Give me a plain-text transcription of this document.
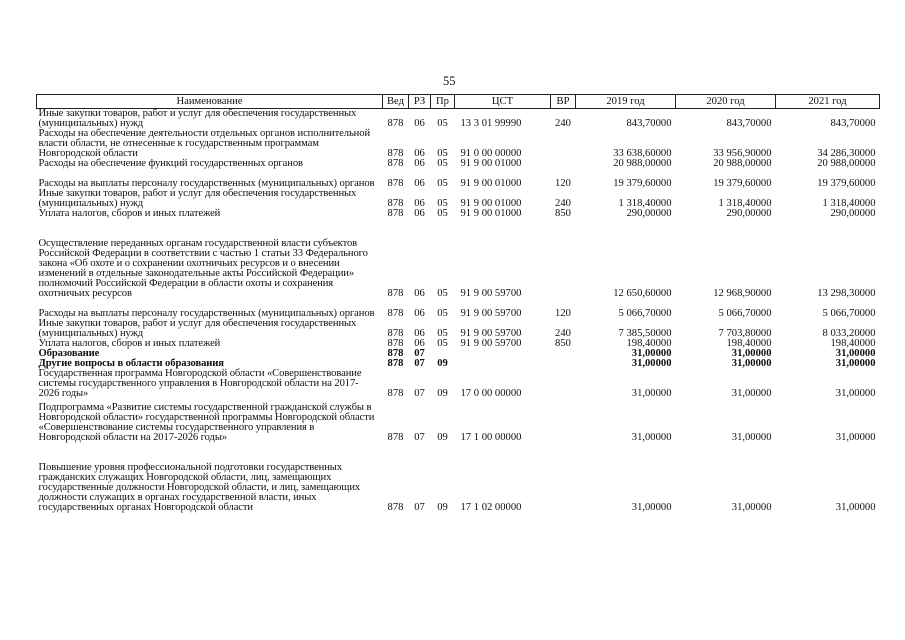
55
Наименование	Вед	РЗ	Пр	ЦСТ	ВР	2019 год	2020 год	2021 год
Иные закупки товаров, работ и услуг для обеспечения государственных (муниципальных) нужд	878	06	05	13 3 01 99990	240	843,70000	843,70000	843,70000
Расходы на обеспечение деятельности отдельных органов исполнительной власти области, не отнесенные к государственным программам Новгородской области	878	06	05	91 0 00 00000		33 638,60000	33 956,90000	34 286,30000
Расходы на обеспечение функций государственных органов	878	06	05	91 9 00 01000		20 988,00000	20 988,00000	20 988,00000
Расходы на выплаты персоналу государственных (муниципальных) органов	878	06	05	91 9 00 01000	120	19 379,60000	19 379,60000	19 379,60000
Иные закупки товаров, работ и услуг для обеспечения государственных (муниципальных) нужд	878	06	05	91 9 00 01000	240	1 318,40000	1 318,40000	1 318,40000
Уплата налогов, сборов и иных платежей	878	06	05	91 9 00 01000	850	290,00000	290,00000	290,00000
Осуществление переданных органам государственной власти субъектов Российской Федерации в соответствии с частью 1 статьи 33 Федерального закона «Об охоте и о сохранении охотничьих ресурсов и о внесении изменений в отдельные законодательные акты Российской Федерации» полномочий Российской Федерации в области охоты и сохранения охотничьих ресурсов	878	06	05	91 9 00 59700		12 650,60000	12 968,90000	13 298,30000
Расходы на выплаты персоналу государственных (муниципальных) органов	878	06	05	91 9 00 59700	120	5 066,70000	5 066,70000	5 066,70000
Иные закупки товаров, работ и услуг для обеспечения государственных (муниципальных) нужд	878	06	05	91 9 00 59700	240	7 385,50000	7 703,80000	8 033,20000
Уплата налогов, сборов и иных платежей	878	06	05	91 9 00 59700	850	198,40000	198,40000	198,40000
Образование	878	07				31,00000	31,00000	31,00000
Другие вопросы в области образования	878	07	09			31,00000	31,00000	31,00000
Государственная программа Новгородской области «Совершенствование системы государственного управления в Новгородской области на 2017-2026 годы»	878	07	09	17 0 00 00000		31,00000	31,00000	31,00000
Подпрограмма «Развитие системы государственной гражданской службы в Новгородской области» государственной программы Новгородской области «Совершенствование системы государственного управления в Новгородской области на 2017-2026 годы»	878	07	09	17 1 00 00000		31,00000	31,00000	31,00000
Повышение уровня профессиональной подготовки государственных гражданских служащих Новгородской области, лиц, замещающих государственные должности Новгородской области, и лиц, замещающих должности служащих в органах государственной власти, иных государственных органах Новгородской области	878	07	09	17 1 02 00000		31,00000	31,00000	31,00000
